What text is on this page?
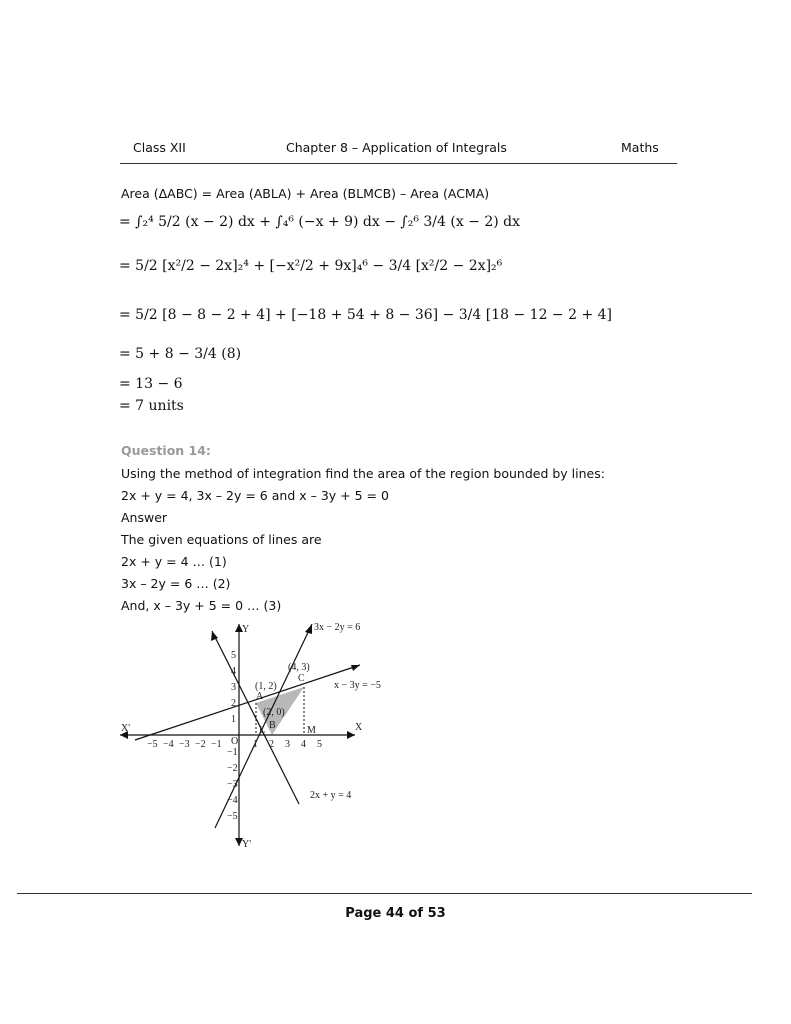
Class XII	Chapter 8 – Application of Integrals	Maths
Area (ΔABC) = Area (ABLA) + Area (BLMCB) – Area (ACMA)
= ∫₂⁴ 5/2 (x − 2) dx + ∫₄⁶ (−x + 9) dx − ∫₂⁶ 3/4 (x − 2) dx
= 5/2 [x²/2 − 2x]₂⁴ + [−x²/2 + 9x]₄⁶ − 3/4 [x²/2 − 2x]₂⁶
= 5/2 [8 − 8 − 2 + 4] + [−18 + 54 + 8 − 36] − 3/4 [18 − 12 − 2 + 4]
= 5 + 8 − 3/4 (8)
= 13 − 6
= 7 units
Question 14:
Using the method of integration find the area of the region bounded by lines:
2x + y = 4, 3x – 2y = 6 and x – 3y + 5 = 0
Answer
The given equations of lines are
2x + y = 4 … (1)
3x – 2y = 6 … (2)
And, x – 3y + 5 = 0 … (3)
X
X'
Y
Y'
O
−5 −4 −3 −2 −1	1 2 3 4 5
5
4
3
2
1
−1
−2
−3
−4
−5
3x − 2y = 6
x − 3y = −5
2x + y = 4
(1, 2)
A
(4, 3)
C
(2, 0)
B
L	M
Page 44 of 53
